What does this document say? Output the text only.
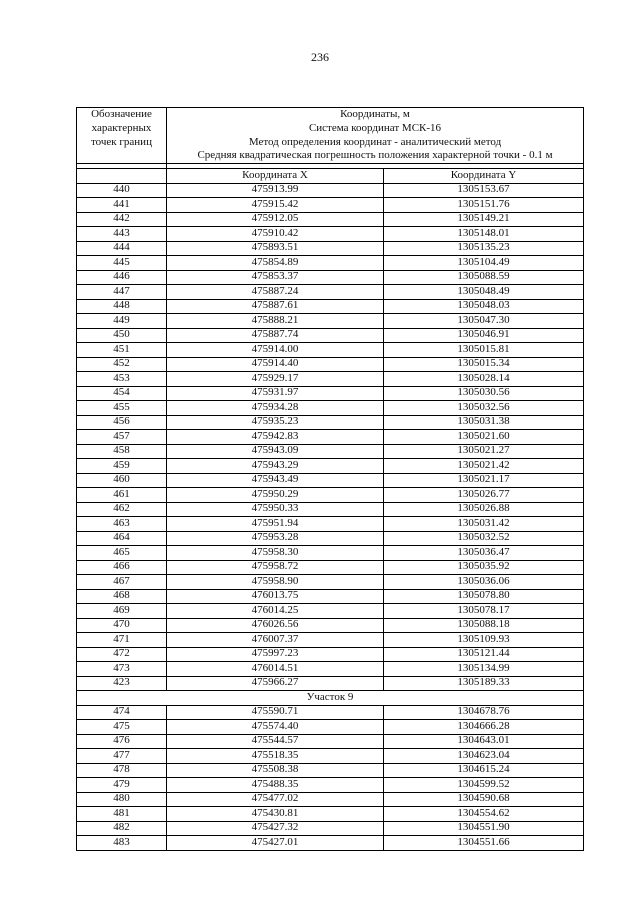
236
Обозначение
характерных
точек границ	Координаты, м
Система координат МСК-16
Метод определения координат - аналитический метод
Средняя квадратическая погрешность положения характерной точки - 0.1 м	

	Координата X	Координата Y
440	475913.99	1305153.67
441	475915.42	1305151.76
442	475912.05	1305149.21
443	475910.42	1305148.01
444	475893.51	1305135.23
445	475854.89	1305104.49
446	475853.37	1305088.59
447	475887.24	1305048.49
448	475887.61	1305048.03
449	475888.21	1305047.30
450	475887.74	1305046.91
451	475914.00	1305015.81
452	475914.40	1305015.34
453	475929.17	1305028.14
454	475931.97	1305030.56
455	475934.28	1305032.56
456	475935.23	1305031.38
457	475942.83	1305021.60
458	475943.09	1305021.27
459	475943.29	1305021.42
460	475943.49	1305021.17
461	475950.29	1305026.77
462	475950.33	1305026.88
463	475951.94	1305031.42
464	475953.28	1305032.52
465	475958.30	1305036.47
466	475958.72	1305035.92
467	475958.90	1305036.06
468	476013.75	1305078.80
469	476014.25	1305078.17
470	476026.56	1305088.18
471	476007.37	1305109.93
472	475997.23	1305121.44
473	476014.51	1305134.99
423	475966.27	1305189.33
Участок 9		
474	475590.71	1304678.76
475	475574.40	1304666.28
476	475544.57	1304643.01
477	475518.35	1304623.04
478	475508.38	1304615.24
479	475488.35	1304599.52
480	475477.02	1304590.68
481	475430.81	1304554.62
482	475427.32	1304551.90
483	475427.01	1304551.66
